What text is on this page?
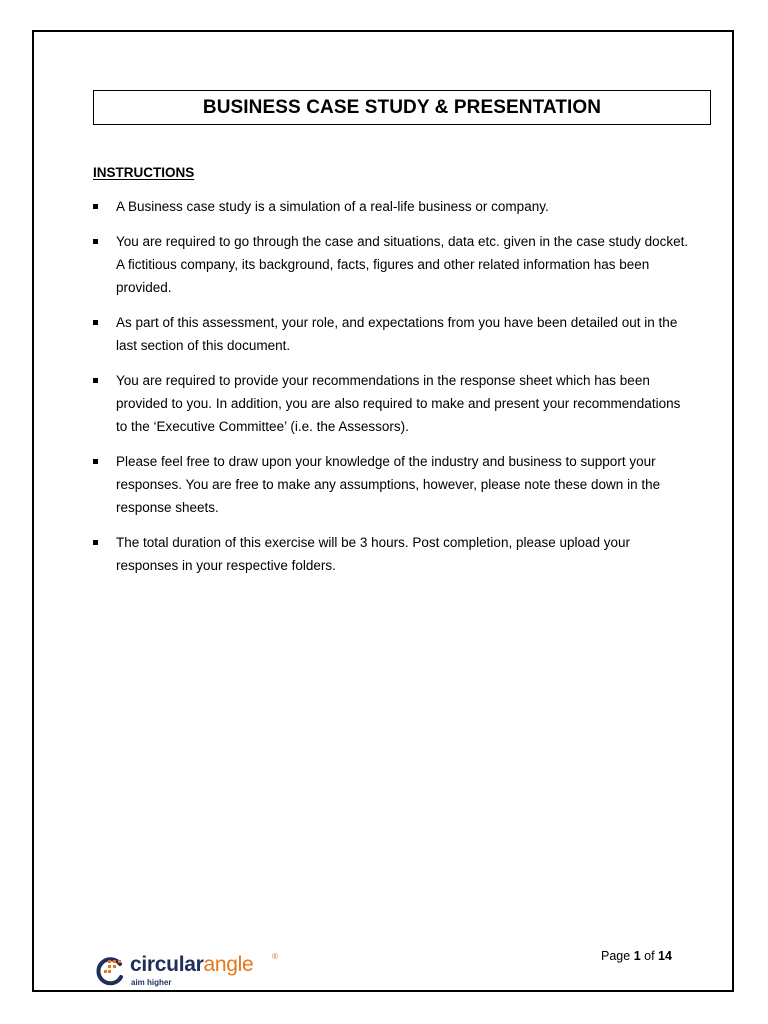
BUSINESS CASE STUDY & PRESENTATION
INSTRUCTIONS
A Business case study is a simulation of a real-life business or company.
You are required to go through the case and situations, data etc. given in the case study docket. A fictitious company, its background, facts, figures and other related information has been provided.
As part of this assessment, your role, and expectations from you have been detailed out in the last section of this document.
You are required to provide your recommendations in the response sheet which has been provided to you. In addition, you are also required to make and present your recommendations to the ‘Executive Committee’ (i.e. the Assessors).
Please feel free to draw upon your knowledge of the industry and business to support your responses. You are free to make any assumptions, however, please note these down in the response sheets.
The total duration of this exercise will be 3 hours. Post completion, please upload your responses in your respective folders.
Page 1 of 14
circularangle ®
aim higher
